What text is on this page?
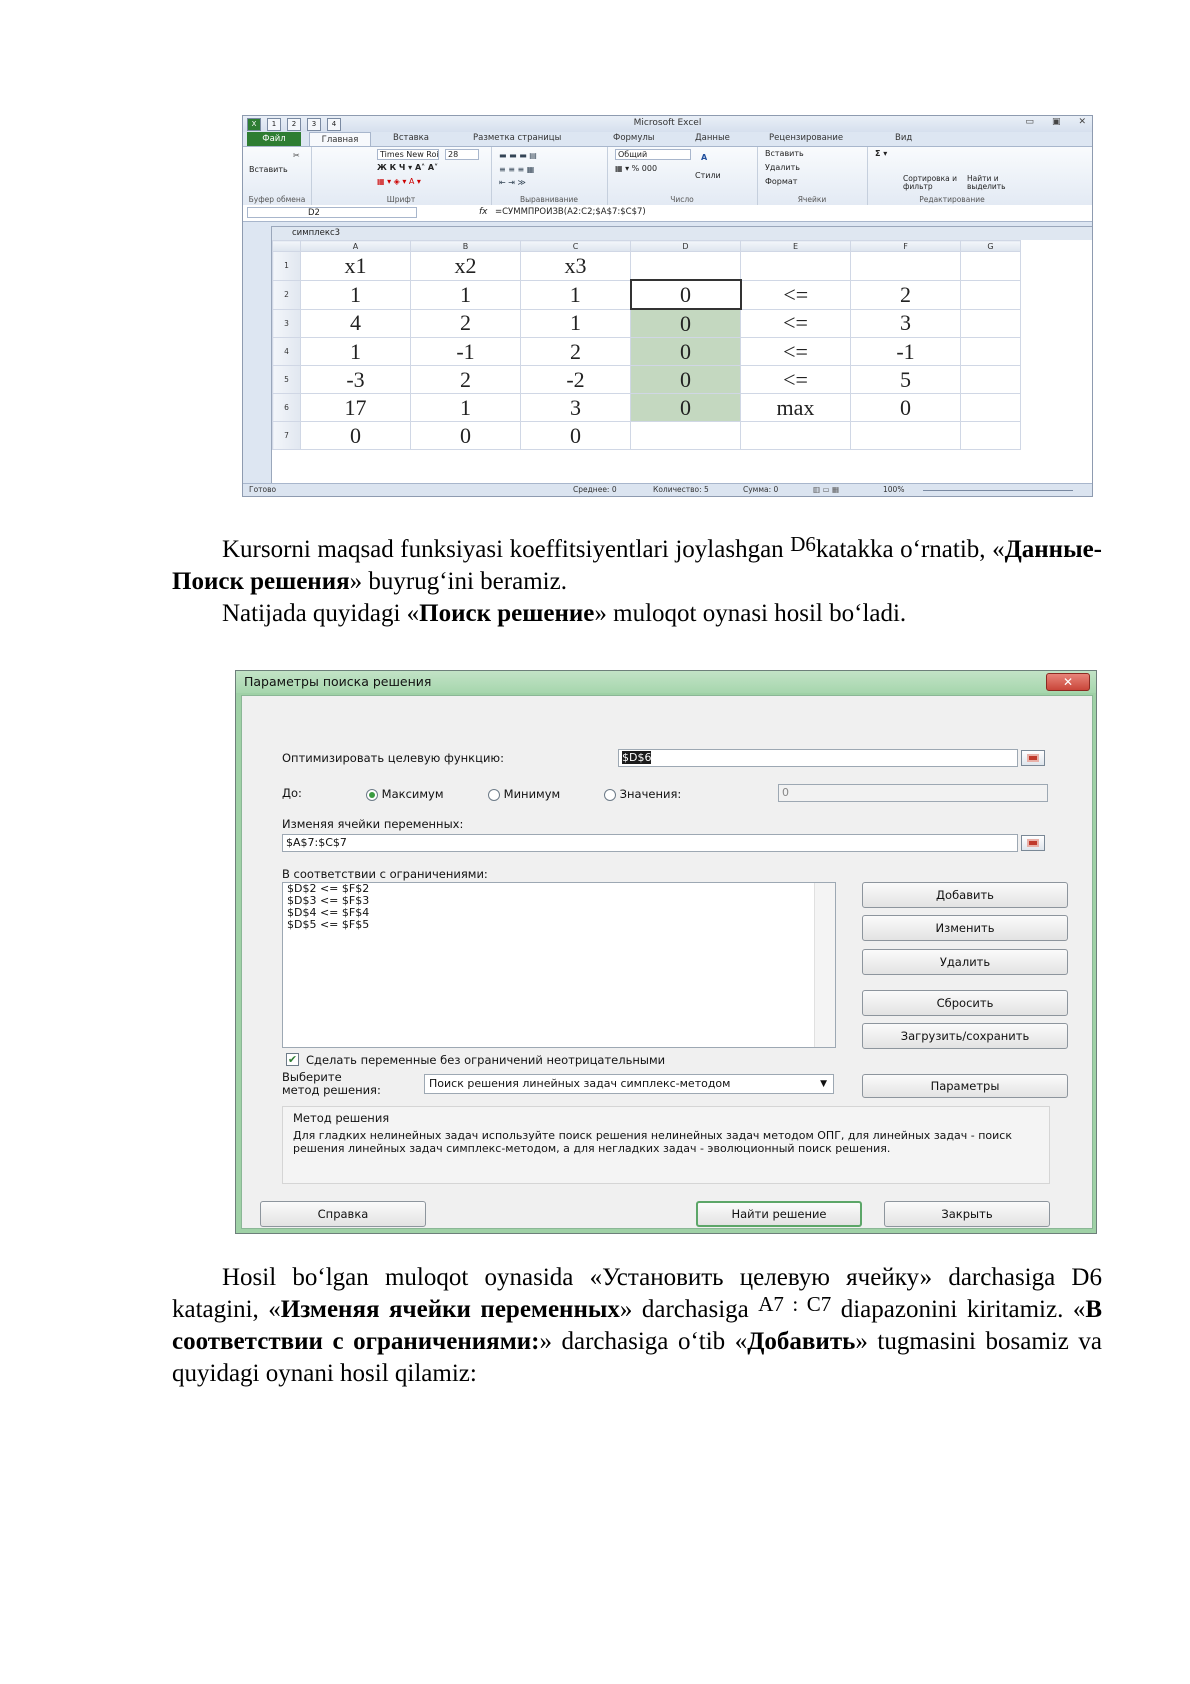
X	1	2	3	4	Microsoft Excel	▭ ▣ ✕
Файл	Главная	Вставка	Разметка страницы	Формулы	Данные	Рецензирование	Вид
Вставить
✂
Буфер обмена
Times New Roi	28
Ж К Ч ▾ A˄ A˅
▦ ▾ ◈ ▾ A ▾
Шрифт
▬ ▬ ▬ ▤
≡ ≡ ≡ ▦
⇤ ⇥ ≫
Выравнивание
Общий
▦ ▾ % 000
A
Стили
Число
Вставить
Удалить
Формат
Ячейки
Σ ▾
Сортировка и фильтр
Найти и выделить
Редактирование
D2	fx =СУММПРОИЗВ(A2:C2;$A$7:$C$7)
симплекс3
	A	B	C	D	E	F	G
1	x1	x2	x3				
2	1	1	1	0	<=	2	
3	4	2	1	0	<=	3	
4	1	-1	2	0	<=	-1	
5	-3	2	-2	0	<=	5	
6	17	1	3	0	max	0	
7	0	0	0				
Готово	Среднее: 0	Количество: 5	Сумма: 0	▥ ▭ ▦	100%
Kursorni maqsad funksiyasi koeffitsiyentlari joylashgan $^{D6}$katakka o‘rnatib, «Данные- Поиск решения» buyrug‘ini beramiz.
Natijada quyidagi «Поиск решение» muloqot oynasi hosil bo‘ladi.
Параметры поиска решения	✕
Оптимизировать целевую функцию:	$D$6
До:	Максимум	Минимум	Значения:	0
Изменяя ячейки переменных:
$A$7:$C$7
В соответствии с ограничениями:
$D$2 <= $F$2
$D$3 <= $F$3
$D$4 <= $F$4
$D$5 <= $F$5
Добавить
Изменить
Удалить
Сбросить
Загрузить/сохранить
✔ Сделать переменные без ограничений неотрицательными
Выберите
метод решения:	Поиск решения линейных задач симплекс-методом	▼	Параметры
Метод решения
Для гладких нелинейных задач используйте поиск решения нелинейных задач методом ОПГ, для линейных задач - поиск решения линейных задач симплекс-методом, а для негладких задач - эволюционный поиск решения.
Справка	Найти решение	Закрыть
Hosil bo‘lgan muloqot oynasida «Установить целевую ячейку» darchasiga D6 katagini, «Изменяя ячейки переменных» darchasiga $^{A7 : C7}$ diapazonini kiritamiz. «В соответствии с ограничениями:» darchasiga o‘tib «Добавить» tugmasini bosamiz va quyidagi oynani hosil qilamiz:
